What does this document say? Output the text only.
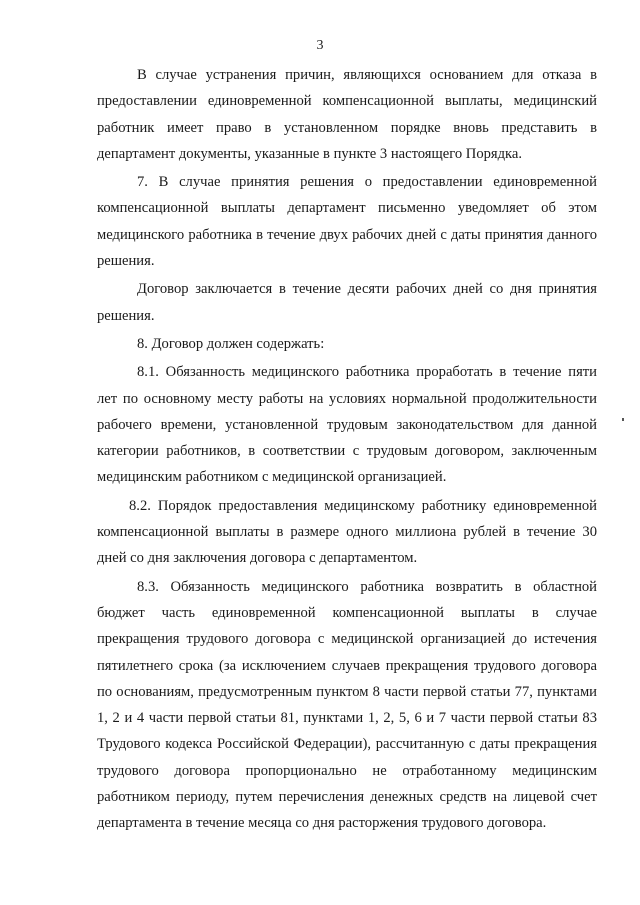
3

В случае устранения причин, являющихся основанием для отказа в предоставлении единовременной компенсационной выплаты, медицинский работник имеет право в установленном порядке вновь представить в департамент документы, указанные в пункте 3 настоящего Порядка.

7. В случае принятия решения о предоставлении единовременной компенсационной выплаты департамент письменно уведомляет об этом медицинского работника в течение двух рабочих дней с даты принятия данного решения.

Договор заключается в течение десяти рабочих дней со дня принятия решения.

8. Договор должен содержать:

8.1. Обязанность медицинского работника проработать в течение пяти лет по основному месту работы на условиях нормальной продолжительности рабочего времени, установленной трудовым законодательством для данной категории работников, в соответствии с трудовым договором, заключенным медицинским работником с медицинской организацией.

8.2. Порядок предоставления медицинскому работнику единовременной компенсационной выплаты в размере одного миллиона рублей в течение 30 дней со дня заключения договора с департаментом.

8.3. Обязанность медицинского работника возвратить в областной бюджет часть единовременной компенсационной выплаты в случае прекращения трудового договора с медицинской организацией до истечения пятилетнего срока (за исключением случаев прекращения трудового договора по основаниям, предусмотренным пунктом 8 части первой статьи 77, пунктами 1, 2 и 4 части первой статьи 81, пунктами 1, 2, 5, 6 и 7 части первой статьи 83 Трудового кодекса Российской Федерации), рассчитанную с даты прекращения трудового договора пропорционально не отработанному медицинским работником периоду, путем перечисления денежных средств на лицевой счет департамента в течение месяца со дня расторжения трудового договора.
